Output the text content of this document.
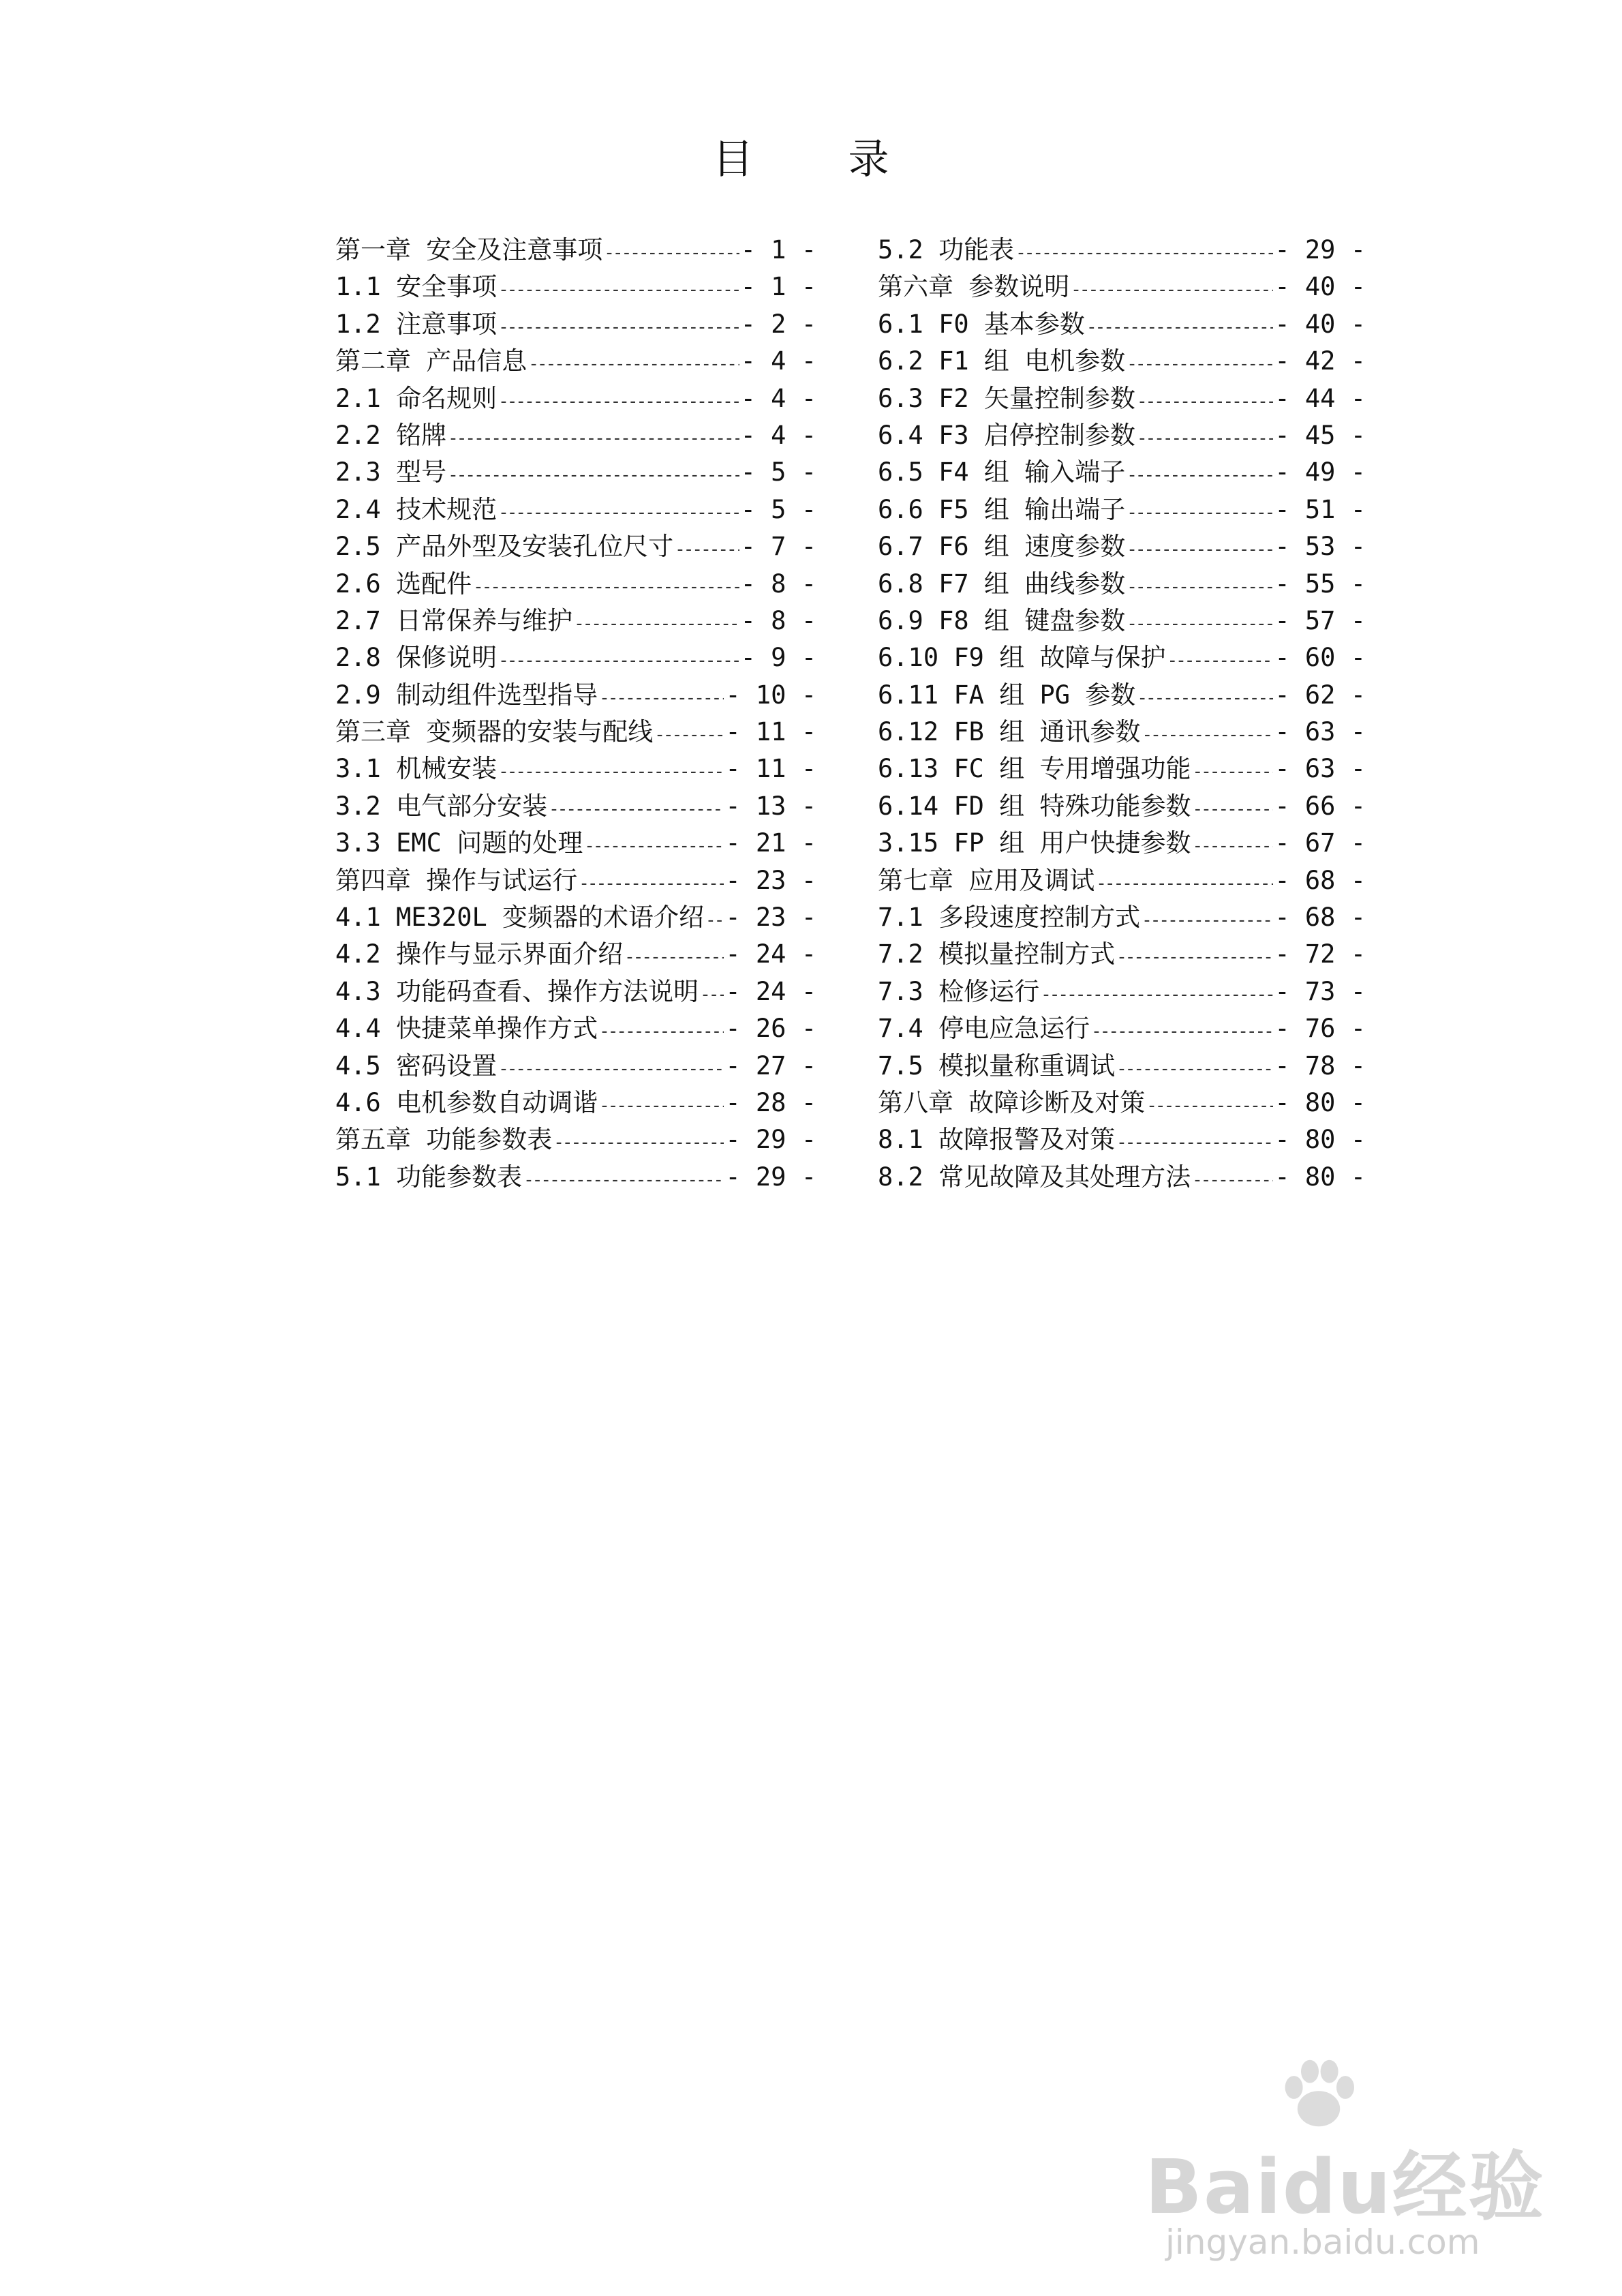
目 录
第一章 安全及注意事项 -----	- 1 -
1.1 安全事项 -----	- 1 -
1.2 注意事项 -----	- 2 -
第二章 产品信息 -----	- 4 -
2.1 命名规则 -----	- 4 -
2.2 铭牌 -----	- 4 -
2.3 型号 -----	- 5 -
2.4 技术规范 -----	- 5 -
2.5 产品外型及安装孔位尺寸 -----	- 7 -
2.6 选配件 -----	- 8 -
2.7 日常保养与维护 -----	- 8 -
2.8 保修说明 -----	- 9 -
2.9 制动组件选型指导 -----	- 10 -
第三章 变频器的安装与配线 -----	- 11 -
3.1 机械安装 -----	- 11 -
3.2 电气部分安装 -----	- 13 -
3.3 EMC 问题的处理 -----	- 21 -
第四章 操作与试运行 -----	- 23 -
4.1 ME320L 变频器的术语介绍 ----- - 23 -
4.2 操作与显示界面介绍 -----	- 24 -
4.3 功能码查看、操作方法说明 ----- - 24 -
4.4 快捷菜单操作方式 -----	- 26 -
4.5 密码设置 -----	- 27 -
4.6 电机参数自动调谐 -----	- 28 -
第五章 功能参数表 -----	- 29 -
5.1 功能参数表 -----	- 29 -
5.2 功能表 -----	- 29 -
第六章 参数说明 -----	- 40 -
6.1 F0 基本参数 -----	- 40 -
6.2 F1 组 电机参数 -----	- 42 -
6.3 F2 矢量控制参数 -----	- 44 -
6.4 F3 启停控制参数 -----	- 45 -
6.5 F4 组 输入端子 -----	- 49 -
6.6 F5 组 输出端子 -----	- 51 -
6.7 F6 组 速度参数 -----	- 53 -
6.8 F7 组 曲线参数 -----	- 55 -
6.9 F8 组 键盘参数 -----	- 57 -
6.10 F9 组 故障与保护 -----	- 60 -
6.11 FA 组 PG 参数 -----	- 62 -
6.12 FB 组 通讯参数 -----	- 63 -
6.13 FC 组 专用增强功能 -----	- 63 -
6.14 FD 组 特殊功能参数 -----	- 66 -
3.15 FP 组 用户快捷参数 -----	- 67 -
第七章 应用及调试 -----	- 68 -
7.1 多段速度控制方式 -----	- 68 -
7.2 模拟量控制方式 -----	- 72 -
7.3 检修运行 -----	- 73 -
7.4 停电应急运行 -----	- 76 -
7.5 模拟量称重调试 -----	- 78 -
第八章 故障诊断及对策 -----	- 80 -
8.1 故障报警及对策 -----	- 80 -
8.2 常见故障及其处理方法 -----	- 80 -
Baidu经验
jingyan.baidu.com
